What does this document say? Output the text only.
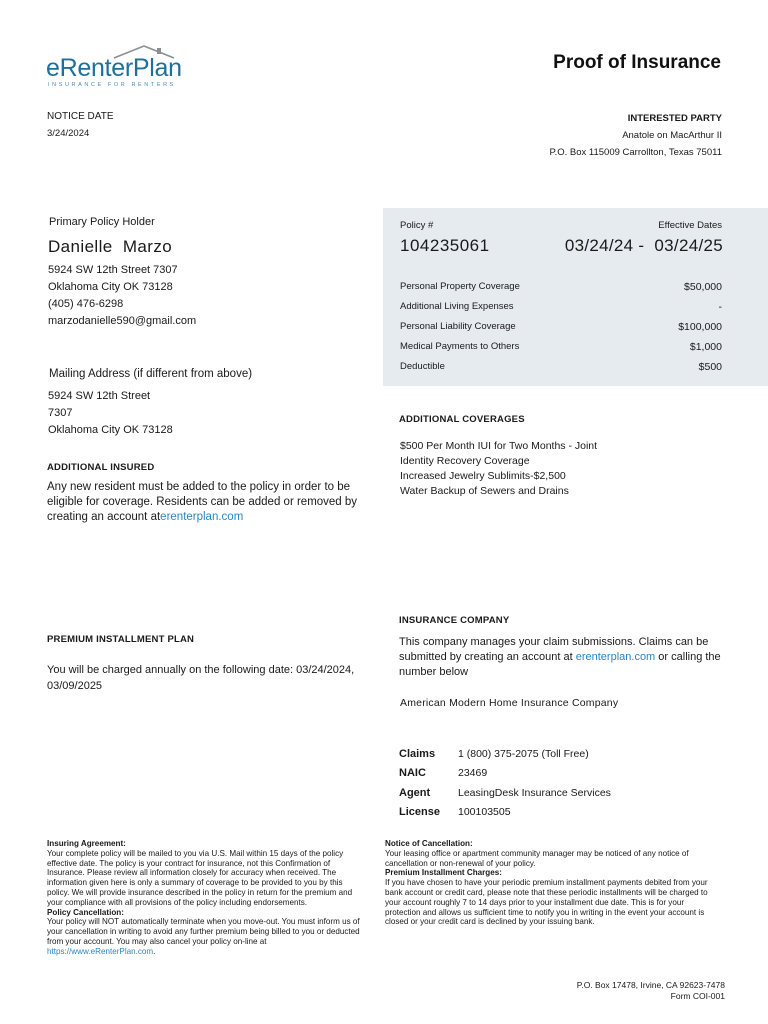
eRenterPlan
INSURANCE FOR RENTERS
Proof of Insurance
NOTICE DATE
3/24/2024
INTERESTED PARTY
Anatole on MacArthur II
P.O. Box 115009 Carrollton, Texas 75011
Primary Policy Holder
Danielle  Marzo
5924 SW 12th Street 7307
Oklahoma City OK 73128
(405) 476-6298
marzodanielle590@gmail.com
Mailing Address (if different from above)
5924 SW 12th Street
7307
Oklahoma City OK 73128
ADDITIONAL INSURED
Any new resident must be added to the policy in order to be eligible for coverage. Residents can be added or removed by creating an account aterenterplan.com
PREMIUM INSTALLMENT PLAN
You will be charged annually on the following date: 03/24/2024, 03/09/2025
Policy #	Effective Dates
104235061	03/24/24 -  03/24/25
Personal Property Coverage	$50,000
Additional Living Expenses	-
Personal Liability Coverage	$100,000
Medical Payments to Others	$1,000
Deductible	$500
ADDITIONAL COVERAGES
$500 Per Month IUI for Two Months - Joint
Identity Recovery Coverage
Increased Jewelry Sublimits-$2,500
Water Backup of Sewers and Drains
INSURANCE COMPANY
This company manages your claim submissions. Claims can be submitted by creating an account at erenterplan.com or calling the number below
American Modern Home Insurance Company
Claims	1 (800) 375-2075 (Toll Free)
NAIC	23469
Agent	LeasingDesk Insurance Services
License	100103505
Insuring Agreement:
Your complete policy will be mailed to you via U.S. Mail within 15 days of the policy effective date. The policy is your contract for insurance, not this Confirmation of Insurance. Please review all information closely for accuracy when received. The information given here is only a summary of coverage to be provided to you by this policy. We will provide insurance described in the policy in return for the premium and your compliance with all provisions of the policy including endorsements.
Policy Cancellation:
Your policy will NOT automatically terminate when you move-out. You must inform us of your cancellation in writing to avoid any further premium being billed to you or deducted from your account. You may also cancel your policy on-line at https://www.eRenterPlan.com.
Notice of Cancellation:
Your leasing office or apartment community manager may be noticed of any notice of cancellation or non-renewal of your policy.
Premium Installment Charges:
If you have chosen to have your periodic premium installment payments debited from your bank account or credit card, please note that these periodic installments will be charged to your account roughly 7 to 14 days prior to your installment due date. This is for your protection and allows us sufficient time to notify you in writing in the event your account is closed or your credit card is declined by your issuing bank.
P.O. Box 17478, Irvine, CA 92623-7478
Form COI-001
